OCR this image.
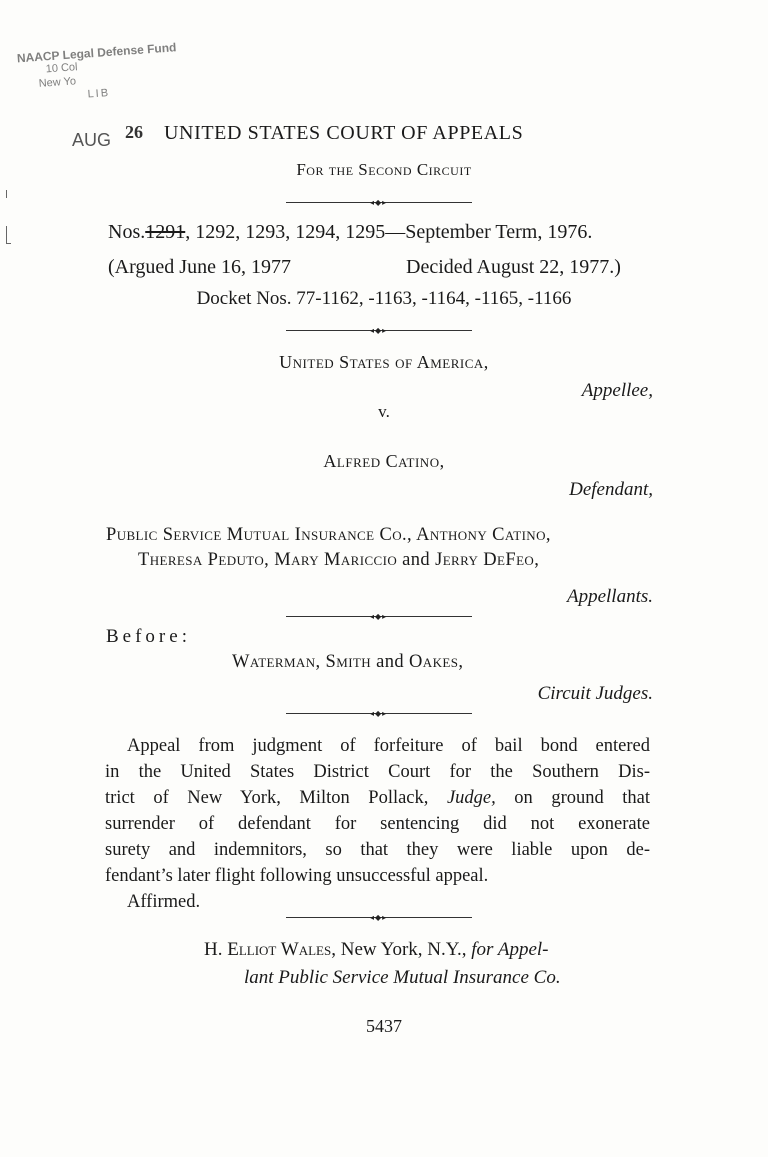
NAACP Legal Defense Fund
10 Col
New Yo
LIB
AUG 26 UNITED STATES COURT OF APPEALS
For the Second Circuit
◂◆▸
Nos.1291, 1292, 1293, 1294, 1295—September Term, 1976.
(Argued June 16, 1977	Decided August 22, 1977.)
Docket Nos. 77-1162, -1163, -1164, -1165, -1166
◂◆▸
United States of America,
Appellee,
v.
Alfred Catino,
Defendant,
Public Service Mutual Insurance Co., Anthony Catino,
Theresa Peduto, Mary Mariccio and Jerry DeFeo,
Appellants.
◂◆▸
Before:
Waterman, Smith and Oakes,
Circuit Judges.
◂◆▸
Appeal from judgment of forfeiture of bail bond entered
in the United States District Court for the Southern Dis-
trict of New York, Milton Pollack, Judge, on ground that
surrender of defendant for sentencing did not exonerate
surety and indemnitors, so that they were liable upon de-
fendant’s later flight following unsuccessful appeal.
Affirmed.
◂◆▸
H. Elliot Wales, New York, N.Y., for Appel-
lant Public Service Mutual Insurance Co.
5437
